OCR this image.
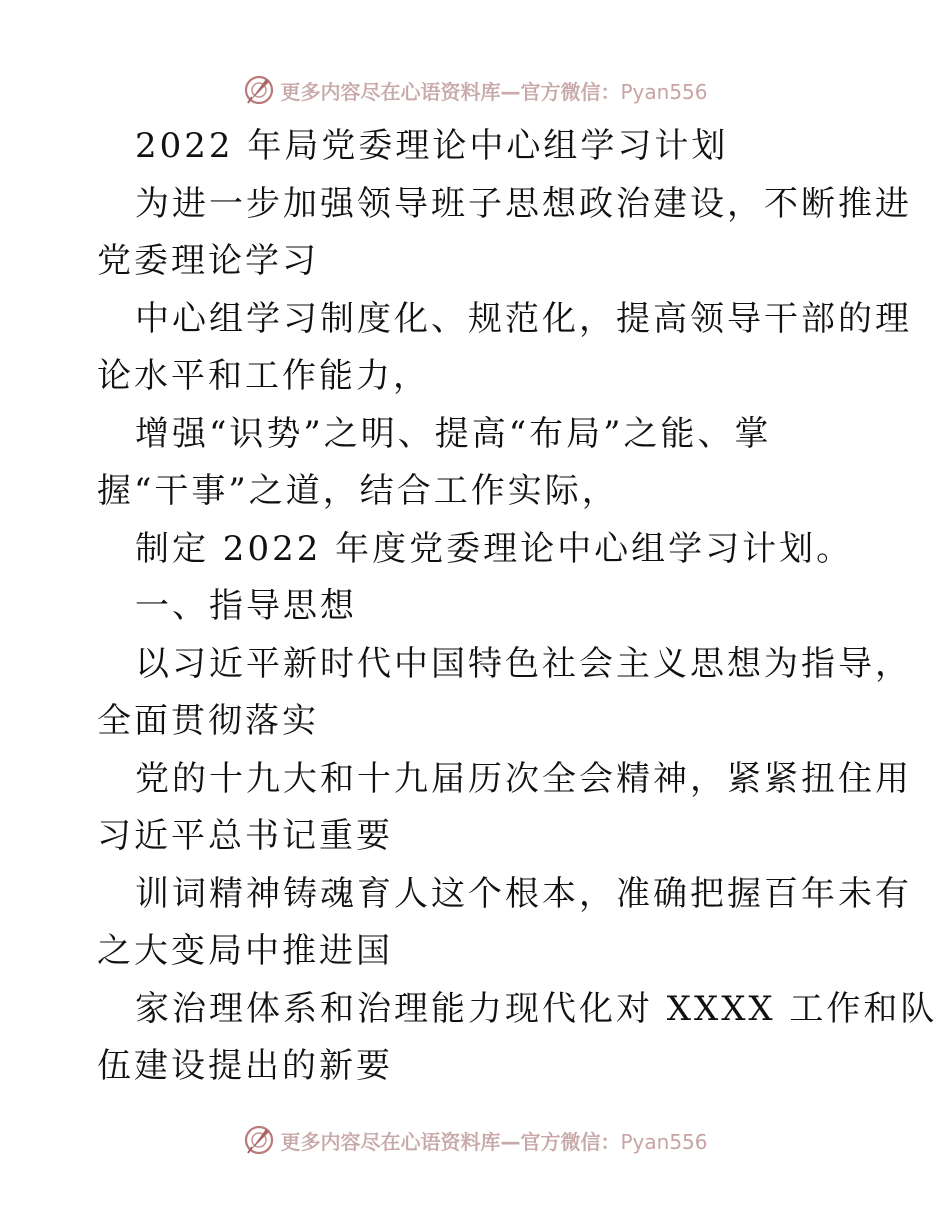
更多内容尽在心语资料库—官方微信：Pyan556
2022 年局党委理论中心组学习计划
为进一步加强领导班子思想政治建设，不断推进
党委理论学习
中心组学习制度化、规范化，提高领导干部的理
论水平和工作能力，
增强“识势”之明、提高“布局”之能、掌
握“干事”之道，结合工作实际，
制定 2022 年度党委理论中心组学习计划。
一、指导思想
以习近平新时代中国特色社会主义思想为指导，
全面贯彻落实
党的十九大和十九届历次全会精神，紧紧扭住用
习近平总书记重要
训词精神铸魂育人这个根本，准确把握百年未有
之大变局中推进国
家治理体系和治理能力现代化对 XXXX 工作和队
伍建设提出的新要
更多内容尽在心语资料库—官方微信：Pyan556
